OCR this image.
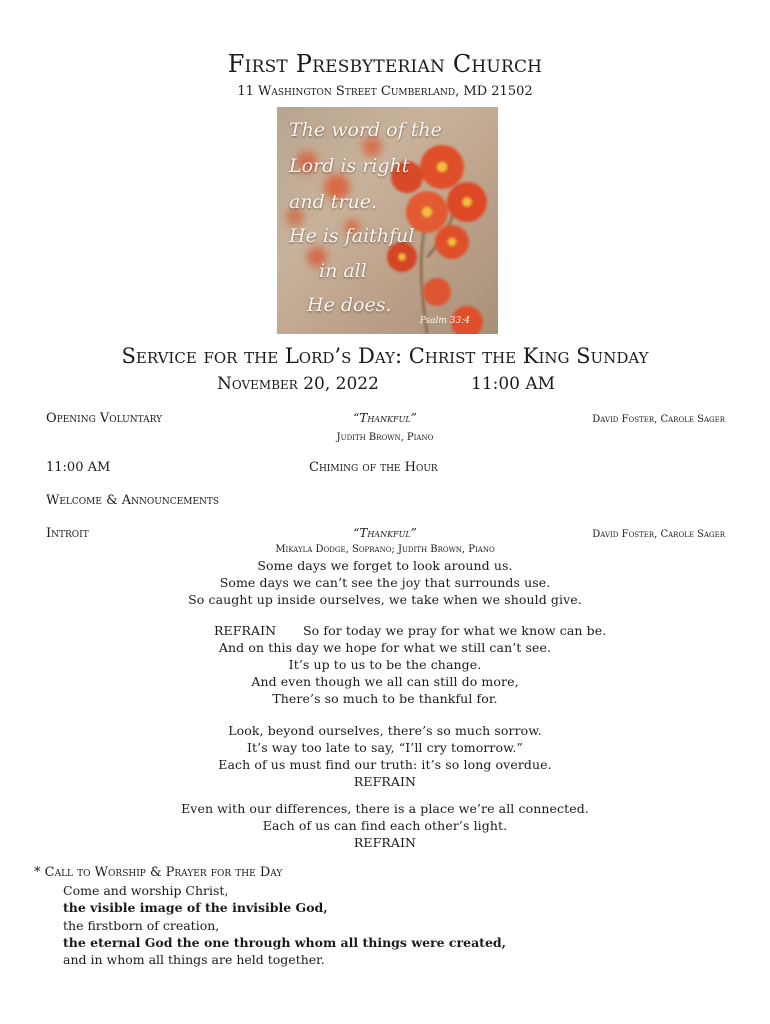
First Presbyterian Church
11 Washington Street Cumberland, MD 21502
The word of the
Lord is right
and true.
He is faithful
in all
He does.
Psalm 33:4
Service for the Lord’s Day: Christ the King Sunday
November 20, 2022	11:00 AM
Opening Voluntary	“Thankful”	David Foster, Carole Sager
Judith Brown, Piano
11:00 AM	Chiming of the Hour
Welcome & Announcements
Introit	“Thankful”	David Foster, Carole Sager
Mikayla Dodge, Soprano; Judith Brown, Piano
Some days we forget to look around us.
Some days we can’t see the joy that surrounds use.
So caught up inside ourselves, we take when we should give.
REFRAIN So for today we pray for what we know can be.
And on this day we hope for what we still can’t see.
It’s up to us to be the change.
And even though we all can still do more,
There’s so much to be thankful for.
Look, beyond ourselves, there’s so much sorrow.
It’s way too late to say, “I’ll cry tomorrow.”
Each of us must find our truth: it’s so long overdue.
REFRAIN
Even with our differences, there is a place we’re all connected.
Each of us can find each other’s light.
REFRAIN
* Call to Worship & Prayer for the Day
Come and worship Christ,
the visible image of the invisible God,
the firstborn of creation,
the eternal God the one through whom all things were created,
and in whom all things are held together.
